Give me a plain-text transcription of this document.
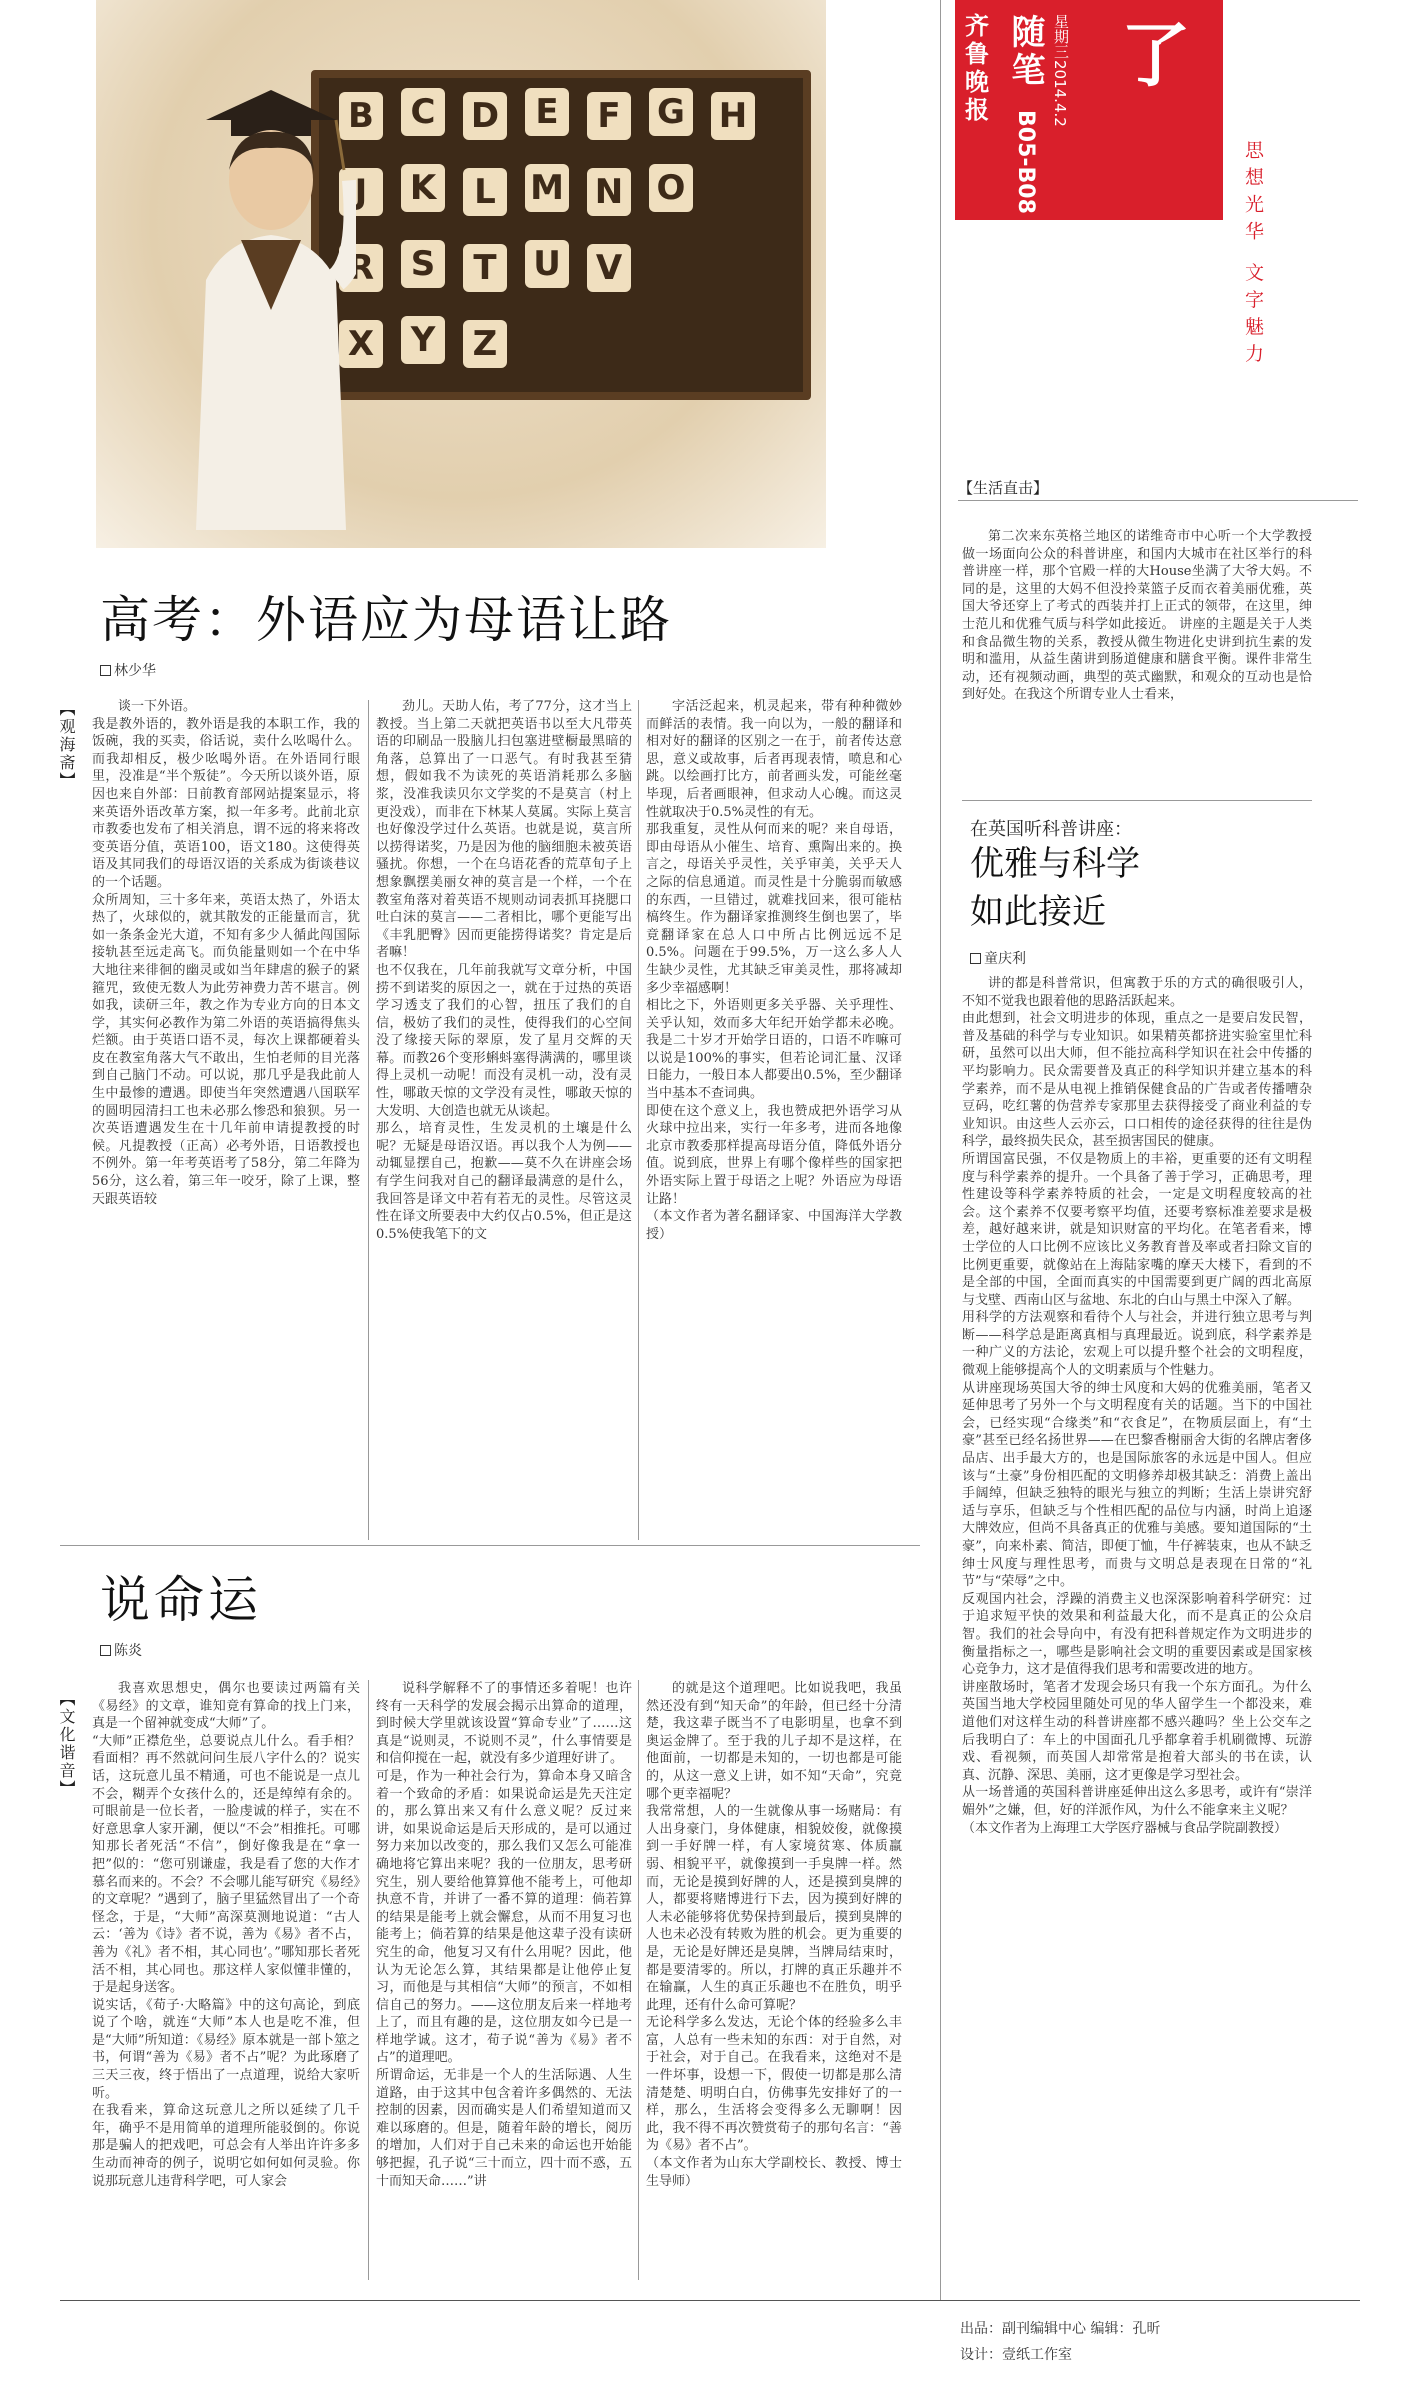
B C D	E	F	G H
J	K	L	M N O
R S	T	U V
X Y Z
齐鲁晚报
随笔 星期三
2014.4.2
B05-B08	青末了
思想光华 文字魅力
【生活直击】
第二次来东英格兰地区的诺维奇市中心听一个大学教授做一场面向公众的科普讲座，和国内大城市在社区举行的科普讲座一样，那个官殿一样的大House坐满了大爷大妈。不同的是，这里的大妈不但没拎菜篮子反而衣着美丽优雅，英国大爷还穿上了考式的西装并打上正式的领带，在这里，绅士范儿和优雅气质与科学如此接近。 讲座的主题是关于人类和食品微生物的关系，教授从微生物进化史讲到抗生素的发明和滥用，从益生菌讲到肠道健康和膳食平衡。课件非常生动，还有视频动画，典型的英式幽默，和观众的互动也是恰到好处。在我这个所谓专业人士看来，
在英国听科普讲座：
优雅与科学
如此接近
童庆利
讲的都是科普常识，但寓教于乐的方式的确很吸引人，不知不觉我也跟着他的思路活跃起来。
由此想到，社会文明进步的体现，重点之一是要启发民智，普及基础的科学与专业知识。如果精英都挤进实验室里忙科研，虽然可以出大师，但不能拉高科学知识在社会中传播的平均影响力。民众需要普及真正的科学知识并建立基本的科学素养，而不是从电视上推销保健食品的广告或者传播嘈杂豆码，吃红薯的伪营养专家那里去获得接受了商业利益的专业知识。由这些人云亦云，口口相传的途径获得的往往是伪科学，最终损失民众，甚至损害国民的健康。
所谓国富民强，不仅是物质上的丰裕，更重要的还有文明程度与科学素养的提升。一个具备了善于学习，正确思考，理性建设等科学素养特质的社会，一定是文明程度较高的社会。这个素养不仅要考察平均值，还要考察标准差要求是极差，越好越来讲，就是知识财富的平均化。在笔者看来，博士学位的人口比例不应该比义务教育普及率或者扫除文盲的比例更重要，就像站在上海陆家嘴的摩天大楼下，看到的不是全部的中国，全面而真实的中国需要到更广阔的西北高原与戈壁、西南山区与盆地、东北的白山与黑土中深入了解。
用科学的方法观察和看待个人与社会，并进行独立思考与判断——科学总是距离真相与真理最近。说到底，科学素养是一种广义的方法论，宏观上可以提升整个社会的文明程度，微观上能够提高个人的文明素质与个性魅力。
从讲座现场英国大爷的绅士风度和大妈的优雅美丽，笔者又延伸思考了另外一个与文明程度有关的话题。当下的中国社会，已经实现“合缘类”和“衣食足”，在物质层面上，有“土豪”甚至已经名扬世界——在巴黎香榭丽舍大街的名牌店奢侈品店、出手最大方的，也是国际旅客的永远是中国人。但应该与“土豪”身份相匹配的文明修养却极其缺乏：消费上盖出手阔绰，但缺乏独特的眼光与独立的判断；生活上崇讲究舒适与享乐，但缺乏与个性相匹配的品位与内涵，时尚上追逐大牌效应，但尚不具备真正的优雅与美感。要知道国际的“土豪”，向来朴素、简洁，即便丁恤，牛仔裤装束，也从不缺乏绅士风度与理性思考，而贵与文明总是表现在日常的“礼节”与“荣辱”之中。
反观国内社会，浮躁的消费主义也深深影响着科学研究：过于追求短平快的效果和利益最大化，而不是真正的公众启智。我们的社会导向中，有没有把科普规定作为文明进步的衡量指标之一，哪些是影响社会文明的重要因素或是国家核心竞争力，这才是值得我们思考和需要改进的地方。
讲座散场时，笔者才发现会场只有我一个东方面孔。为什么英国当地大学校园里随处可见的华人留学生一个都没来，难道他们对这样生动的科普讲座都不感兴趣吗？坐上公交车之后我明白了：车上的中国面孔几乎都拿着手机刷微博、玩游戏、看视频，而英国人却常常是抱着大部头的书在读，认真、沉静、深思、美丽，这才更像是学习型社会。
从一场普通的英国科普讲座延伸出这么多思考，或许有“崇洋媚外”之嫌，但，好的洋派作风，为什么不能拿来主义呢？
（本文作者为上海理工大学医疗器械与食品学院副教授）
高考：外语应为母语让路
林少华
【观海斋】	谈一下外语。
我是教外语的，教外语是我的本职工作，我的饭碗，我的买卖，俗话说，卖什么吆喝什么。而我却相反，极少吆喝外语。在外语同行眼里，没准是“半个叛徒”。今天所以谈外语，原因也来自外部：日前教育部网站提案显示，将来英语外语改革方案，拟一年多考。此前北京市教委也发布了相关消息，谓不远的将来将改变英语分值，英语100，语文180。这使得英语及其同我们的母语汉语的关系成为街谈巷议的一个话题。
众所周知，三十多年来，英语太热了，外语太热了，火球似的，就其散发的正能量而言，犹如一条条金光大道，不知有多少人循此闯国际接轨甚至远走高飞。而负能量则如一个在中华大地往来徘徊的幽灵或如当年肆虐的猴子的紧箍咒，致使无数人为此劳神费力苦不堪言。例如我，读研三年，教之作为专业方向的日本文学，其实何必教作为第二外语的英语搞得焦头烂额。由于英语口语不灵，每次上课都硬着头皮在教室角落大气不敢出，生怕老师的目光落到自己脑门不动。可以说，那几乎是我此前人生中最惨的遭遇。即使当年突然遭遇八国联军的圆明园清扫工也未必那么惨恐和狼狈。另一次英语遭遇发生在十几年前申请提教授的时候。凡提教授（正高）必考外语，日语教授也不例外。第一年考英语考了58分，第二年降为56分，这么着，第三年一咬牙，除了上课，整天跟英语较
劲儿。天助人佑，考了77分，这才当上教授。当上第二天就把英语书以至大凡带英语的印刷品一股脑儿扫包塞进壁橱最黑暗的角落，总算出了一口恶气。有时我甚至猜想，假如我不为读死的英语消耗那么多脑浆，没准我读贝尔文学奖的不是莫言（村上更没戏），而非在下林某人莫属。实际上莫言也好像没学过什么英语。也就是说，莫言所以捞得诺奖，乃是因为他的脑细胞未被英语骚扰。你想，一个在乌语花香的荒草旬子上想象飘摆美丽女神的莫言是一个样，一个在教室角落对着英语不规则动词表抓耳挠腮口吐白沫的莫言——二者相比，哪个更能写出《丰乳肥臀》因而更能捞得诺奖？肯定是后者嘛！
也不仅我在，几年前我就写文章分析，中国捞不到诺奖的原因之一，就在于过热的英语学习透支了我们的心智，扭压了我们的自信，极妨了我们的灵性，使得我们的心空间没了缘接天际的翠原，发了星月交辉的天幕。而教26个变形蝌蚪塞得满满的，哪里谈得上灵机一动呢！而没有灵机一动，没有灵性，哪敢天惊的文学没有灵性，哪敢天惊的大发明、大创造也就无从谈起。
那么，培育灵性，生发灵机的土壤是什么呢？无疑是母语汉语。再以我个人为例——动辄显摆自己，抱歉——莫不久在讲座会场有学生问我对自己的翻译最满意的是什么，我回答是译文中若有若无的灵性。尽管这灵性在译文所要表中大约仅占0.5%，但正是这0.5%使我笔下的文
字活泛起来，机灵起来，带有种种微妙而鲜活的表情。我一向以为，一般的翻译和相对好的翻译的区别之一在于，前者传达意思，意义或故事，后者再现表情，喷息和心跳。以绘画打比方，前者画头发，可能丝毫毕现，后者画眼神，但求动人心魄。而这灵性就取决于0.5%灵性的有无。
那我重复，灵性从何而来的呢？来自母语，即由母语从小催生、培育、熏陶出来的。换言之，母语关乎灵性，关乎审美，关乎天人之际的信息通道。而灵性是十分脆弱而敏感的东西，一旦错过，就难找回来，很可能枯槁终生。作为翻译家推测终生倒也罢了，毕竟翻译家在总人口中所占比例远远不足0.5%。问题在于99.5%，万一这么多人人生缺少灵性，尤其缺乏审美灵性，那将减却多少幸福感啊！
相比之下，外语则更多关乎器、关乎理性、关乎认知，效而多大年纪开始学都未必晚。我是二十岁才开始学日语的，口语不咋嘛可以说是100%的事实，但若论词汇量、汉译日能力，一般日本人都要出0.5%，至少翻译当中基本不查词典。
即使在这个意义上，我也赞成把外语学习从火球中拉出来，实行一年多考，进而各地像北京市教委那样提高母语分值，降低外语分值。说到底，世界上有哪个像样些的国家把外语实际上置于母语之上呢？外语应为母语让路！
（本文作者为著名翻译家、中国海洋大学教授）
说命运
陈炎
【文化谐音】
我喜欢思想史，偶尔也要读过两篇有关《易经》的文章，谁知竟有算命的找上门来，真是一个留神就变成“大师”了。
“大师”正襟危坐，总要说点儿什么。看手相？看面相？再不然就问问生辰八字什么的？说实话，这玩意儿虽不精通，可也不能说是一点儿不会，糊弄个女孩什么的，还是绰绰有余的。可眼前是一位长者，一脸虔诚的样子，实在不好意思拿人家开涮，便以“不会”相推托。可哪知那长者死活“不信”，倒好像我是在“拿一把”似的：“您可别谦虚，我是看了您的大作才慕名而来的。不会？不会哪儿能写研究《易经》的文章呢？”遇到了，脑子里猛然冒出了一个奇怪念，于是，“大师”高深莫测地说道：“古人云：‘善为《诗》者不说，善为《易》者不占，善为《礼》者不相，其心同也’。”哪知那长者死活不相，其心同也。那这样人家似懂非懂的，于是起身送客。
说实话，《荀子·大略篇》中的这句高论，到底说了个啥，就连“大师”本人也是吃不准，但是“大师”所知道：《易经》原本就是一部卜筮之书，何谓“善为《易》者不占”呢？为此琢磨了三天三夜，终于悟出了一点道理，说给大家听听。
在我看来，算命这玩意儿之所以延续了几千年，确乎不是用简单的道理所能驳倒的。你说那是骗人的把戏吧，可总会有人举出许许多多生动而神奇的例子，说明它如何如何灵验。你说那玩意儿违背科学吧，可人家会
说科学解释不了的事情还多着呢！也许终有一天科学的发展会揭示出算命的道理，到时候大学里就该设置“算命专业”了……这真是“说则灵，不说则不灵”，什么事情要是和信仰搅在一起，就没有多少道理好讲了。
可是，作为一种社会行为，算命本身又暗含着一个致命的矛盾：如果说命运是先天注定的，那么算出来又有什么意义呢？反过来讲，如果说命运是后天形成的，是可以通过努力来加以改变的，那么我们又怎么可能准确地将它算出来呢？我的一位朋友，思考研究生，别人要给他算算他不能考上，可他却执意不肯，并讲了一番不算的道理：倘若算的结果是能考上就会懈怠，从而不用复习也能考上；倘若算的结果是他这辈子没有读研究生的命，他复习又有什么用呢？因此，他认为无论怎么算，其结果都是让他停止复习，而他是与其相信“大师”的预言，不如相信自己的努力。——这位朋友后来一样地考上了，而且有趣的是，这位朋友如今已是一样地学诚。这才，荀子说“善为《易》者不占”的道理吧。
所谓命运，无非是一个人的生活际遇、人生道路，由于这其中包含着许多偶然的、无法控制的因素，因而确实是人们希望知道而又难以琢磨的。但是，随着年龄的增长，阅历的增加，人们对于自己未来的命运也开始能够把握，孔子说“三十而立，四十而不惑，五十而知天命……”讲
的就是这个道理吧。比如说我吧，我虽然还没有到“知天命”的年龄，但已经十分清楚，我这辈子既当不了电影明星，也拿不到奥运金牌了。至于我的儿子却不是这样，在他面前，一切都是未知的，一切也都是可能的，从这一意义上讲，如不知“天命”，究竟哪个更幸福呢？
我常常想，人的一生就像从事一场赌局：有人出身豪门，身体健康，相貌姣俊，就像摸到一手好牌一样，有人家境贫寒、体质羸弱、相貌平平，就像摸到一手臭牌一样。然而，无论是摸到好牌的人，还是摸到臭牌的人，都要将赌博进行下去，因为摸到好牌的人未必能够将优势保持到最后，摸到臭牌的人也未必没有转败为胜的机会。更为重要的是，无论是好牌还是臭牌，当牌局结束时，都是要清零的。所以，打牌的真正乐趣并不在输赢，人生的真正乐趣也不在胜负，明乎此理，还有什么命可算呢？
无论科学多么发达，无论个体的经验多么丰富，人总有一些未知的东西：对于自然，对于社会，对于自己。在我看来，这绝对不是一件坏事，设想一下，假使一切都是那么清清楚楚、明明白白，仿佛事先安排好了的一样，那么，生活将会变得多么无聊啊！因此，我不得不再次赞赏荀子的那句名言：“善为《易》者不占”。
（本文作者为山东大学副校长、教授、博士生导师）
出品：副刊编辑中心 编辑：孔昕
设计：壹纸工作室
